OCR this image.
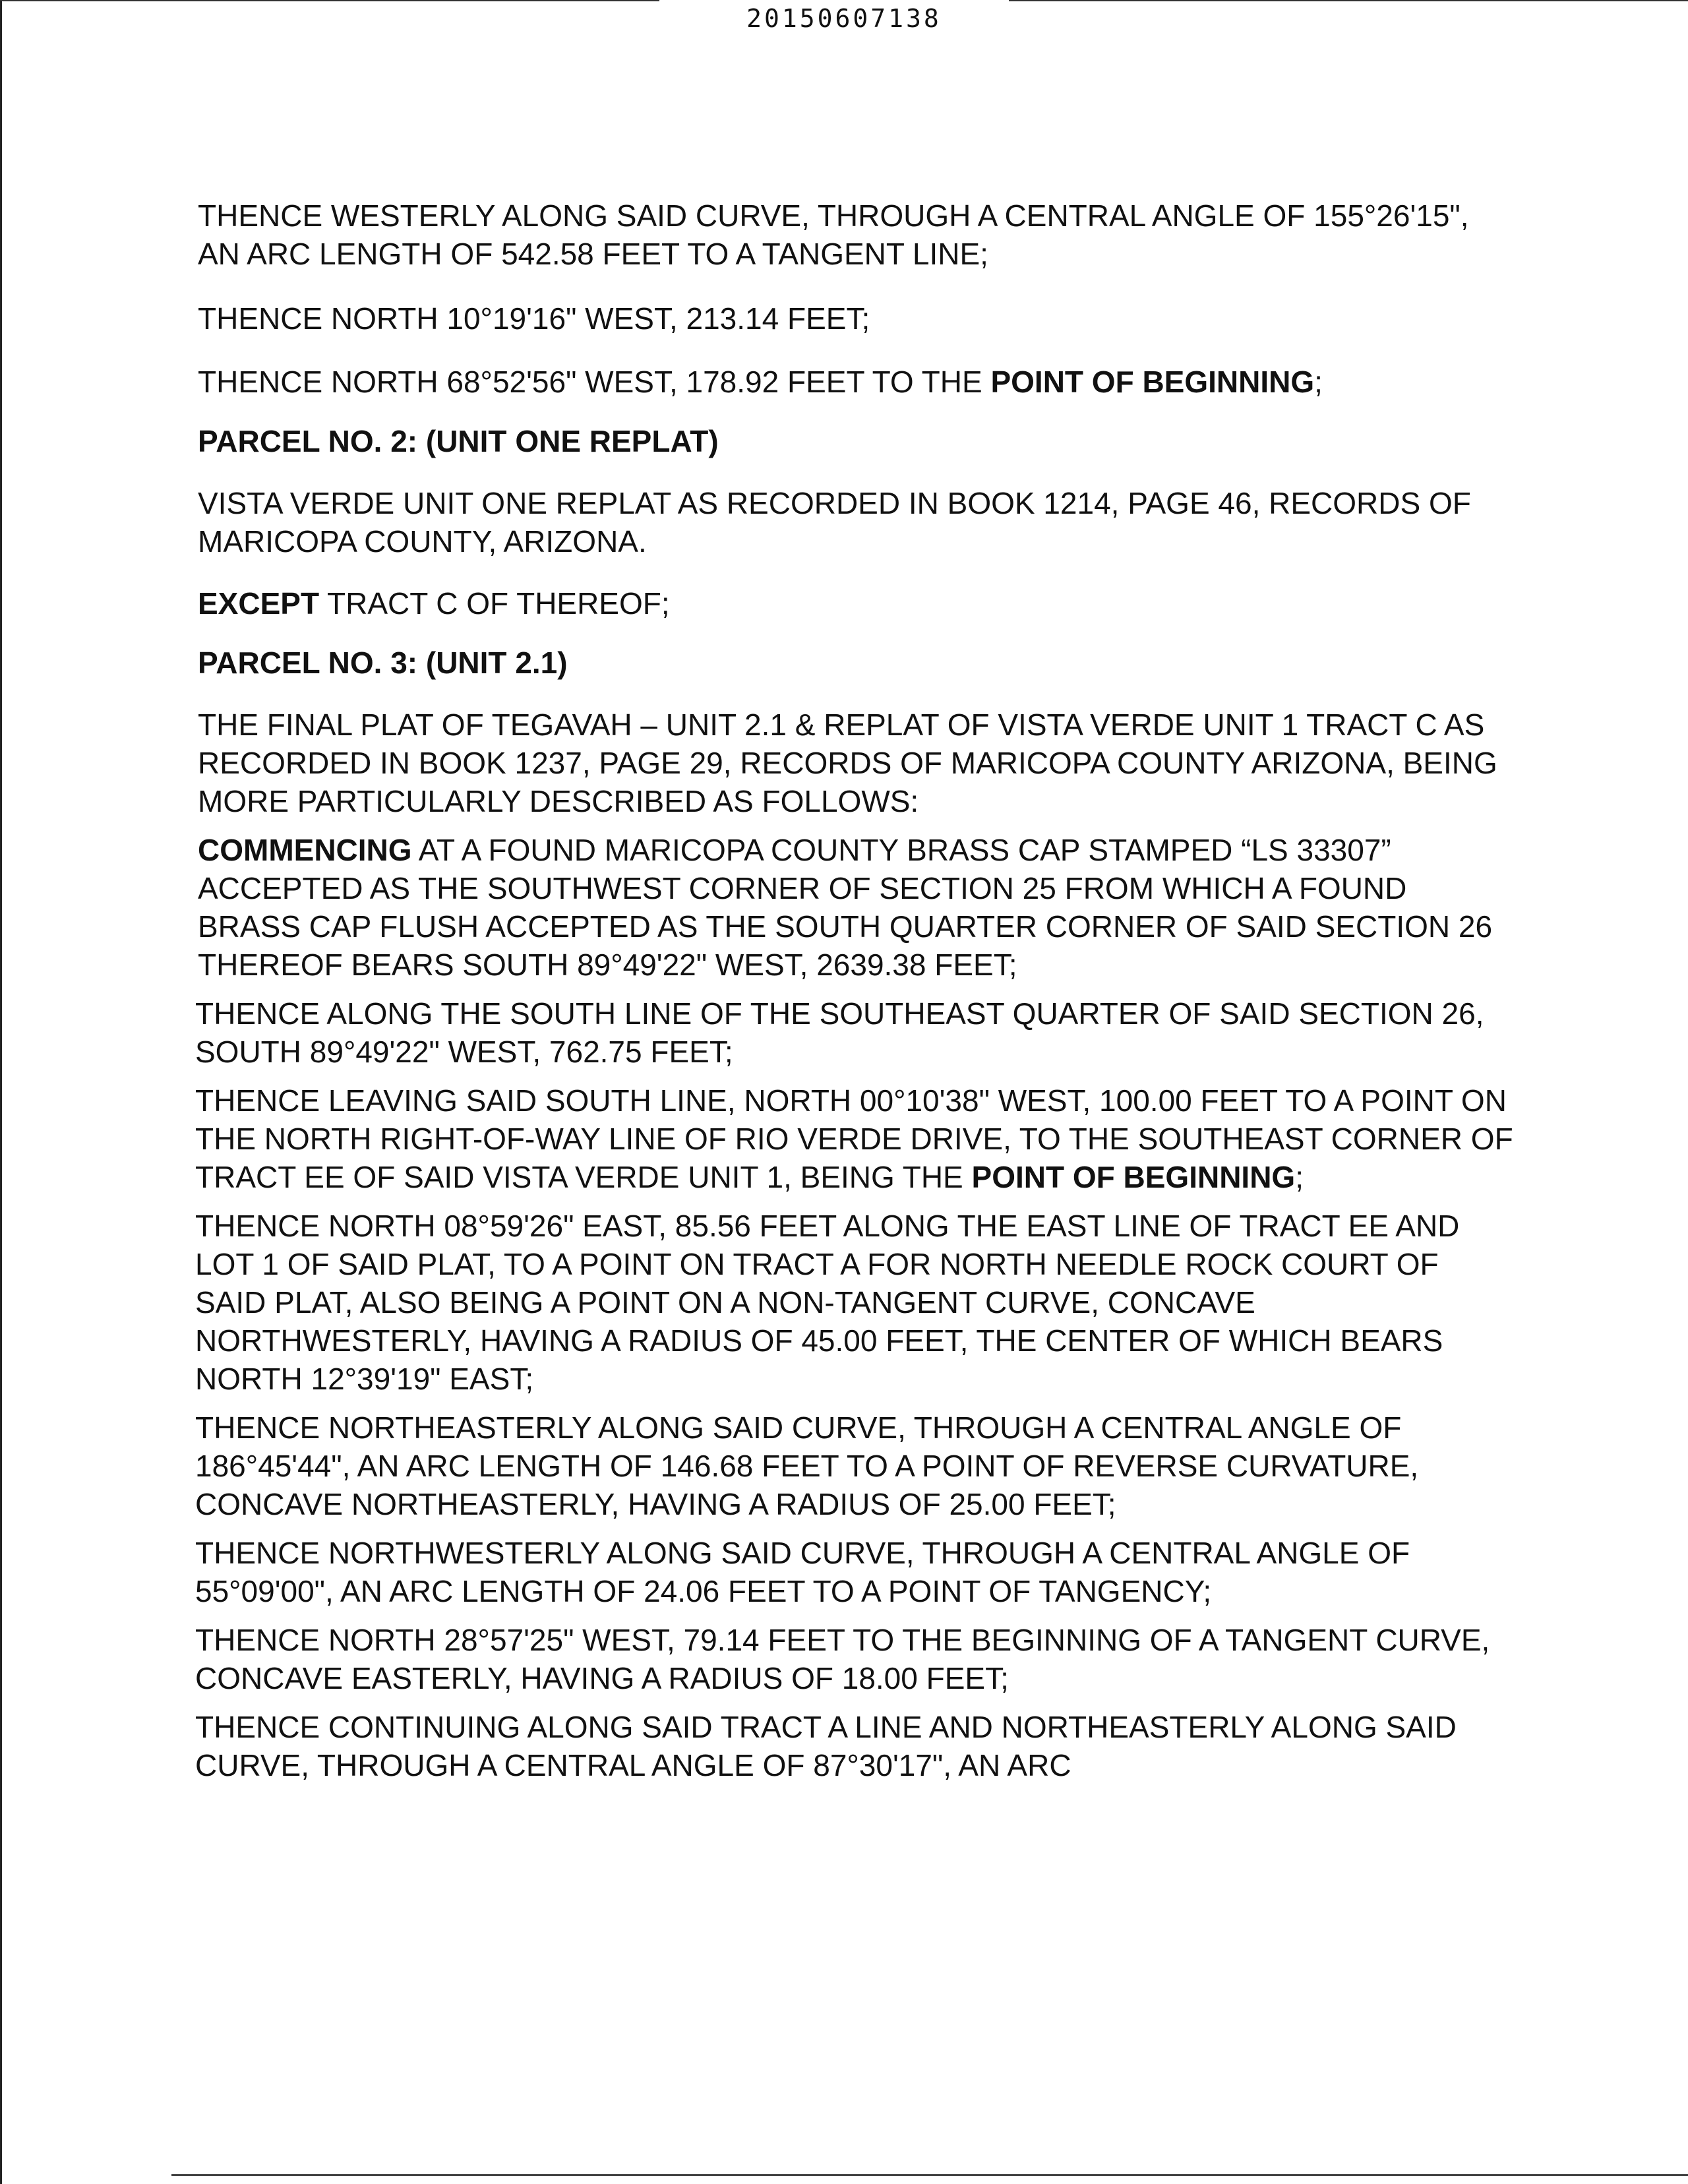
20150607138

THENCE WESTERLY ALONG SAID CURVE, THROUGH A CENTRAL ANGLE OF 155°26'15", AN ARC LENGTH OF 542.58 FEET TO A TANGENT LINE;

THENCE NORTH 10°19'16" WEST, 213.14 FEET;

THENCE NORTH 68°52'56" WEST, 178.92 FEET TO THE POINT OF BEGINNING;

PARCEL NO. 2: (UNIT ONE REPLAT)

VISTA VERDE UNIT ONE REPLAT AS RECORDED IN BOOK 1214, PAGE 46, RECORDS OF MARICOPA COUNTY, ARIZONA.

EXCEPT TRACT C OF THEREOF;

PARCEL NO. 3: (UNIT 2.1)

THE FINAL PLAT OF TEGAVAH – UNIT 2.1 & REPLAT OF VISTA VERDE UNIT 1 TRACT C AS RECORDED IN BOOK 1237, PAGE 29, RECORDS OF MARICOPA COUNTY ARIZONA, BEING MORE PARTICULARLY DESCRIBED AS FOLLOWS:

COMMENCING AT A FOUND MARICOPA COUNTY BRASS CAP STAMPED “LS 33307” ACCEPTED AS THE SOUTHWEST CORNER OF SECTION 25 FROM WHICH A FOUND BRASS CAP FLUSH ACCEPTED AS THE SOUTH QUARTER CORNER OF SAID SECTION 26 THEREOF BEARS SOUTH 89°49'22" WEST, 2639.38 FEET;

THENCE ALONG THE SOUTH LINE OF THE SOUTHEAST QUARTER OF SAID SECTION 26, SOUTH 89°49'22" WEST, 762.75 FEET;

THENCE LEAVING SAID SOUTH LINE, NORTH 00°10'38" WEST, 100.00 FEET TO A POINT ON THE NORTH RIGHT-OF-WAY LINE OF RIO VERDE DRIVE, TO THE SOUTHEAST CORNER OF TRACT EE OF SAID VISTA VERDE UNIT 1, BEING THE POINT OF BEGINNING;

THENCE NORTH 08°59'26" EAST, 85.56 FEET ALONG THE EAST LINE OF TRACT EE AND LOT 1 OF SAID PLAT, TO A POINT ON TRACT A FOR NORTH NEEDLE ROCK COURT OF SAID PLAT, ALSO BEING A POINT ON A NON-TANGENT CURVE, CONCAVE NORTHWESTERLY, HAVING A RADIUS OF 45.00 FEET, THE CENTER OF WHICH BEARS NORTH 12°39'19" EAST;

THENCE NORTHEASTERLY ALONG SAID CURVE, THROUGH A CENTRAL ANGLE OF 186°45'44", AN ARC LENGTH OF 146.68 FEET TO A POINT OF REVERSE CURVATURE, CONCAVE NORTHEASTERLY, HAVING A RADIUS OF 25.00 FEET;

THENCE NORTHWESTERLY ALONG SAID CURVE, THROUGH A CENTRAL ANGLE OF 55°09'00", AN ARC LENGTH OF 24.06 FEET TO A POINT OF TANGENCY;

THENCE NORTH 28°57'25" WEST, 79.14 FEET TO THE BEGINNING OF A TANGENT CURVE, CONCAVE EASTERLY, HAVING A RADIUS OF 18.00 FEET;

THENCE CONTINUING ALONG SAID TRACT A LINE AND NORTHEASTERLY ALONG SAID CURVE, THROUGH A CENTRAL ANGLE OF 87°30'17", AN ARC
